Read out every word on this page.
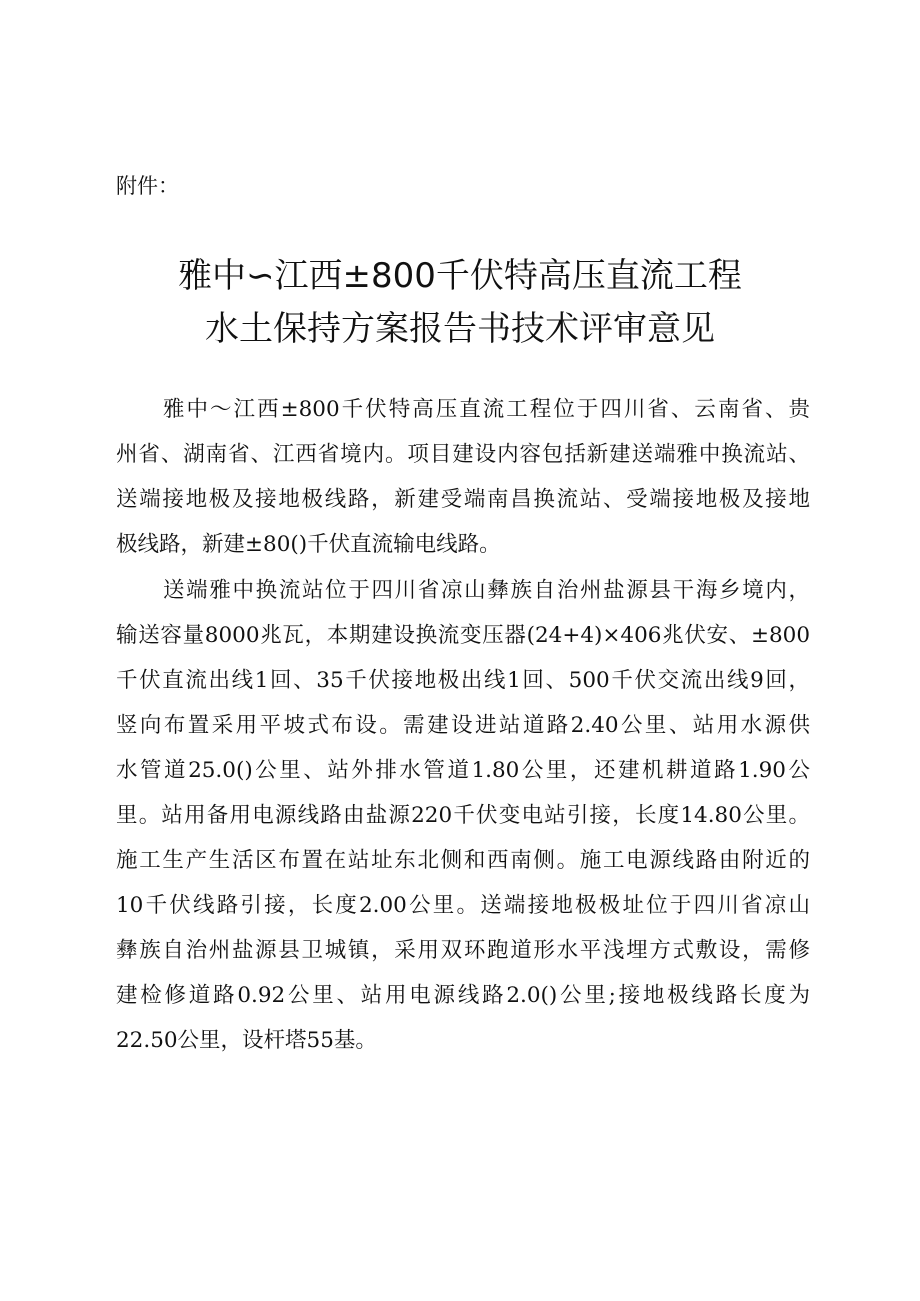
附件：
雅中∽江西±800千伏特高压直流工程
水土保持方案报告书技术评审意见
雅中～江西±800千伏特高压直流工程位于四川省、云南省、贵
州省、湖南省、江西省境内。项目建设内容包括新建送端雅中换流站、
送端接地极及接地极线路，新建受端南昌换流站、受端接地极及接地
极线路，新建±80()千伏直流输电线路。
送端雅中换流站位于四川省凉山彝族自治州盐源县干海乡境内，
输送容量8000兆瓦，本期建设换流变压器(24+4)×406兆伏安、±800
千伏直流出线1回、35千伏接地极出线1回、500千伏交流出线9回，
竖向布置采用平坡式布设。需建设进站道路2.40公里、站用水源供
水管道25.0()公里、站外排水管道1.80公里，还建机耕道路1.90公
里。站用备用电源线路由盐源220千伏变电站引接，长度14.80公里。
施工生产生活区布置在站址东北侧和西南侧。施工电源线路由附近的
10千伏线路引接，长度2.00公里。送端接地极极址位于四川省凉山
彝族自治州盐源县卫城镇，采用双环跑道形水平浅埋方式敷设，需修
建检修道路0.92公里、站用电源线路2.0()公里;接地极线路长度为
22.50公里，设杆塔55基。
